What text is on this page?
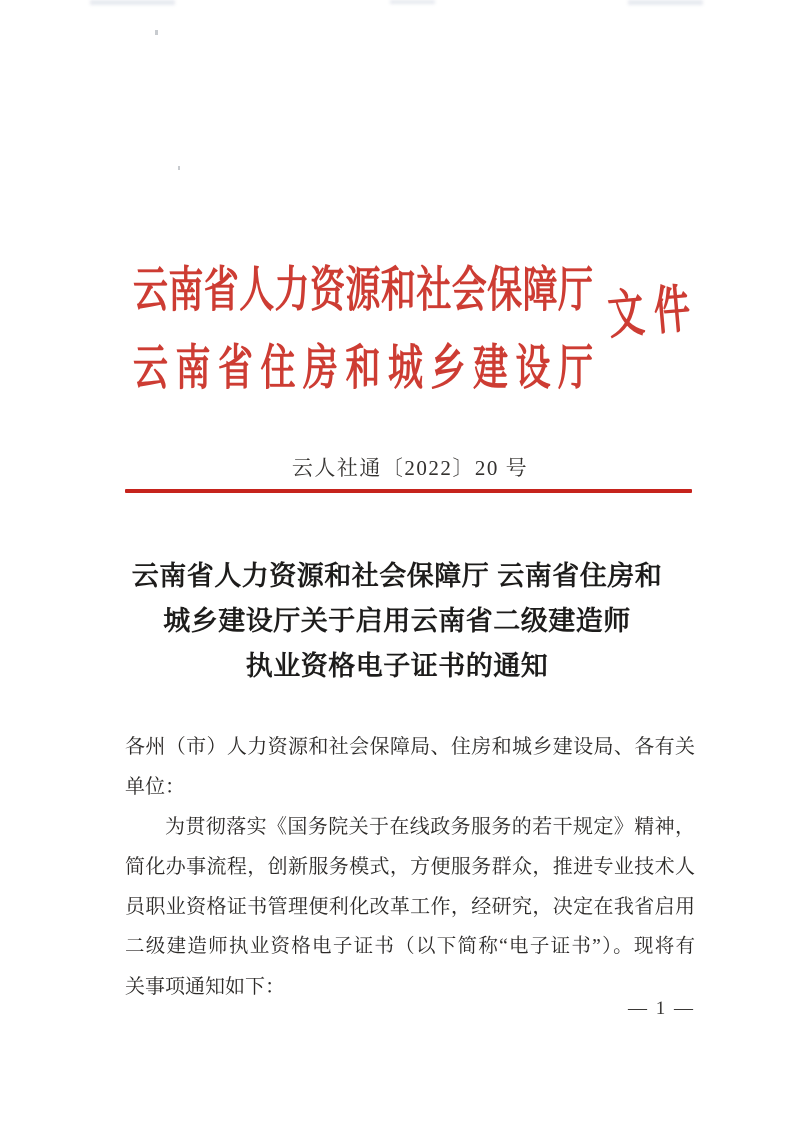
云南省人力资源和社会保障厅
云南省住房和城乡建设厅
文件
云人社通〔2022〕20 号
云南省人力资源和社会保障厅 云南省住房和
城乡建设厅关于启用云南省二级建造师
执业资格电子证书的通知
各州（市）人力资源和社会保障局、住房和城乡建设局、各有关
单位：
为贯彻落实《国务院关于在线政务服务的若干规定》精神，
简化办事流程，创新服务模式，方便服务群众，推进专业技术人
员职业资格证书管理便利化改革工作，经研究，决定在我省启用
二级建造师执业资格电子证书（以下简称“电子证书”）。现将有
关事项通知如下：
— 1 —
